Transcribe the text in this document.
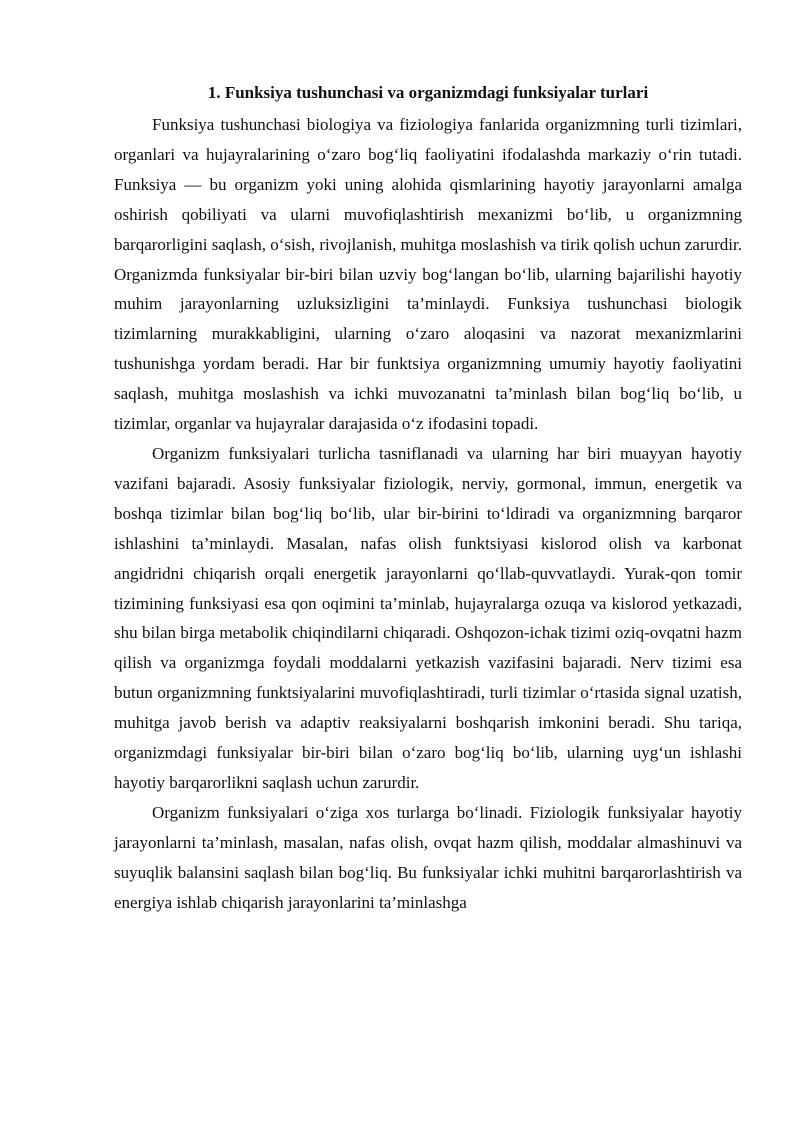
1. Funksiya tushunchasi va organizmdagi funksiyalar turlari

Funksiya tushunchasi biologiya va fiziologiya fanlarida organizmning turli tizimlari, organlari va hujayralarining o‘zaro bog‘liq faoliyatini ifodalashda markaziy o‘rin tutadi. Funksiya — bu organizm yoki uning alohida qismlarining hayotiy jarayonlarni amalga oshirish qobiliyati va ularni muvofiqlashtirish mexanizmi bo‘lib, u organizmning barqarorligini saqlash, o‘sish, rivojlanish, muhitga moslashish va tirik qolish uchun zarurdir. Organizmda funksiyalar bir-biri bilan uzviy bog‘langan bo‘lib, ularning bajarilishi hayotiy muhim jarayonlarning uzluksizligini ta’minlaydi. Funksiya tushunchasi biologik tizimlarning murakkabligini, ularning o‘zaro aloqasini va nazorat mexanizmlarini tushunishga yordam beradi. Har bir funktsiya organizmning umumiy hayotiy faoliyatini saqlash, muhitga moslashish va ichki muvozanatni ta’minlash bilan bog‘liq bo‘lib, u tizimlar, organlar va hujayralar darajasida o‘z ifodasini topadi.

Organizm funksiyalari turlicha tasniflanadi va ularning har biri muayyan hayotiy vazifani bajaradi. Asosiy funksiyalar fiziologik, nerviy, gormonal, immun, energetik va boshqa tizimlar bilan bog‘liq bo‘lib, ular bir-birini to‘ldiradi va organizmning barqaror ishlashini ta’minlaydi. Masalan, nafas olish funktsiyasi kislorod olish va karbonat angidridni chiqarish orqali energetik jarayonlarni qo‘llab-quvvatlaydi. Yurak-qon tomir tizimining funksiyasi esa qon oqimini ta’minlab, hujayralarga ozuqa va kislorod yetkazadi, shu bilan birga metabolik chiqindilarni chiqaradi. Oshqozon-ichak tizimi oziq-ovqatni hazm qilish va organizmga foydali moddalarni yetkazish vazifasini bajaradi. Nerv tizimi esa butun organizmning funktsiyalarini muvofiqlashtiradi, turli tizimlar o‘rtasida signal uzatish, muhitga javob berish va adaptiv reaksiyalarni boshqarish imkonini beradi. Shu tariqa, organizmdagi funksiyalar bir-biri bilan o‘zaro bog‘liq bo‘lib, ularning uyg‘un ishlashi hayotiy barqarorlikni saqlash uchun zarurdir.

Organizm funksiyalari o‘ziga xos turlarga bo‘linadi. Fiziologik funksiyalar hayotiy jarayonlarni ta’minlash, masalan, nafas olish, ovqat hazm qilish, moddalar almashinuvi va suyuqlik balansini saqlash bilan bog‘liq. Bu funksiyalar ichki muhitni barqarorlashtirish va energiya ishlab chiqarish jarayonlarini ta’minlashga
